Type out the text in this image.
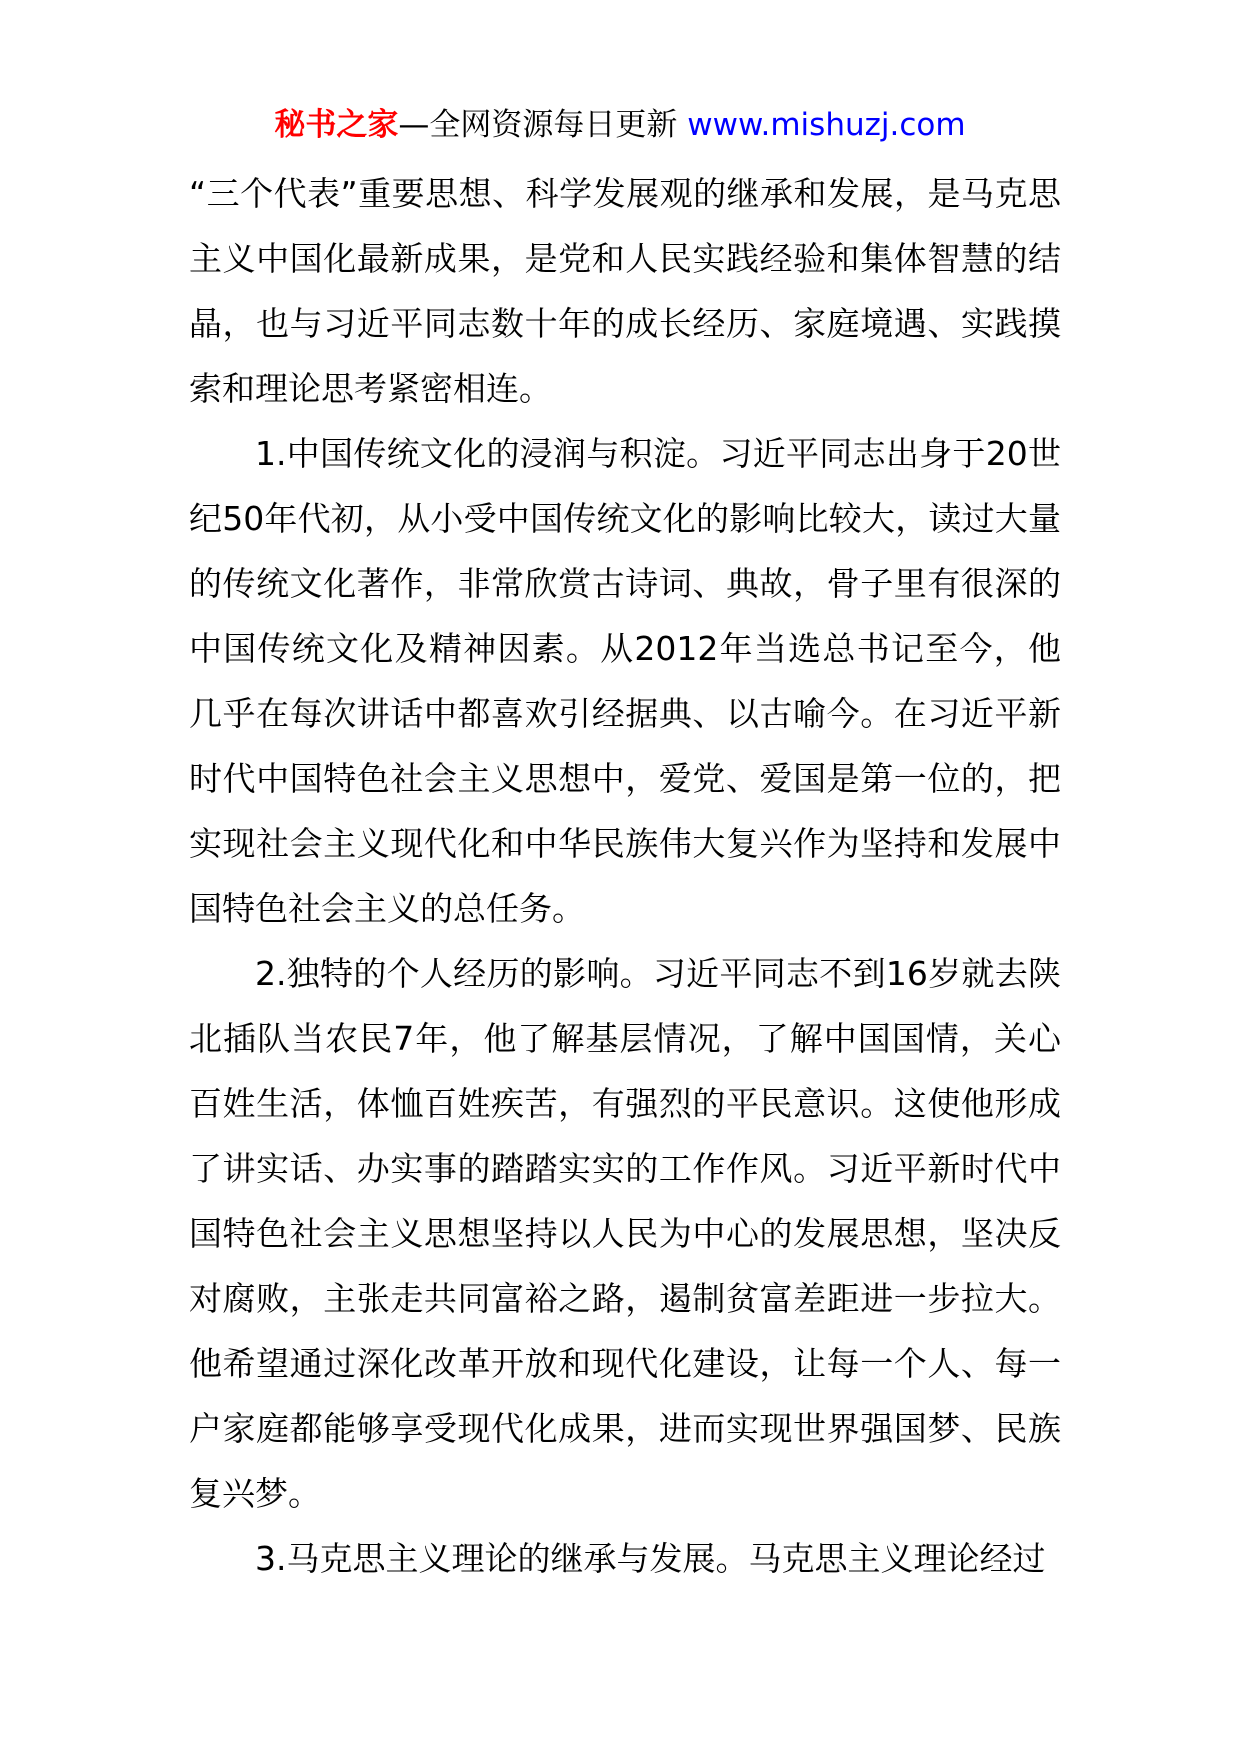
秘书之家—全网资源每日更新 www.mishuzj.com

“三个代表”重要思想、科学发展观的继承和发展，是马克思主义中国化最新成果，是党和人民实践经验和集体智慧的结晶，也与习近平同志数十年的成长经历、家庭境遇、实践摸索和理论思考紧密相连。

1.中国传统文化的浸润与积淀。习近平同志出身于20世纪50年代初，从小受中国传统文化的影响比较大，读过大量的传统文化著作，非常欣赏古诗词、典故，骨子里有很深的中国传统文化及精神因素。从2012年当选总书记至今，他几乎在每次讲话中都喜欢引经据典、以古喻今。在习近平新时代中国特色社会主义思想中，爱党、爱国是第一位的，把实现社会主义现代化和中华民族伟大复兴作为坚持和发展中国特色社会主义的总任务。

2.独特的个人经历的影响。习近平同志不到16岁就去陕北插队当农民7年，他了解基层情况，了解中国国情，关心百姓生活，体恤百姓疾苦，有强烈的平民意识。这使他形成了讲实话、办实事的踏踏实实的工作作风。习近平新时代中国特色社会主义思想坚持以人民为中心的发展思想，坚决反对腐败，主张走共同富裕之路，遏制贫富差距进一步拉大。他希望通过深化改革开放和现代化建设，让每一个人、每一户家庭都能够享受现代化成果，进而实现世界强国梦、民族复兴梦。

3.马克思主义理论的继承与发展。马克思主义理论经过
